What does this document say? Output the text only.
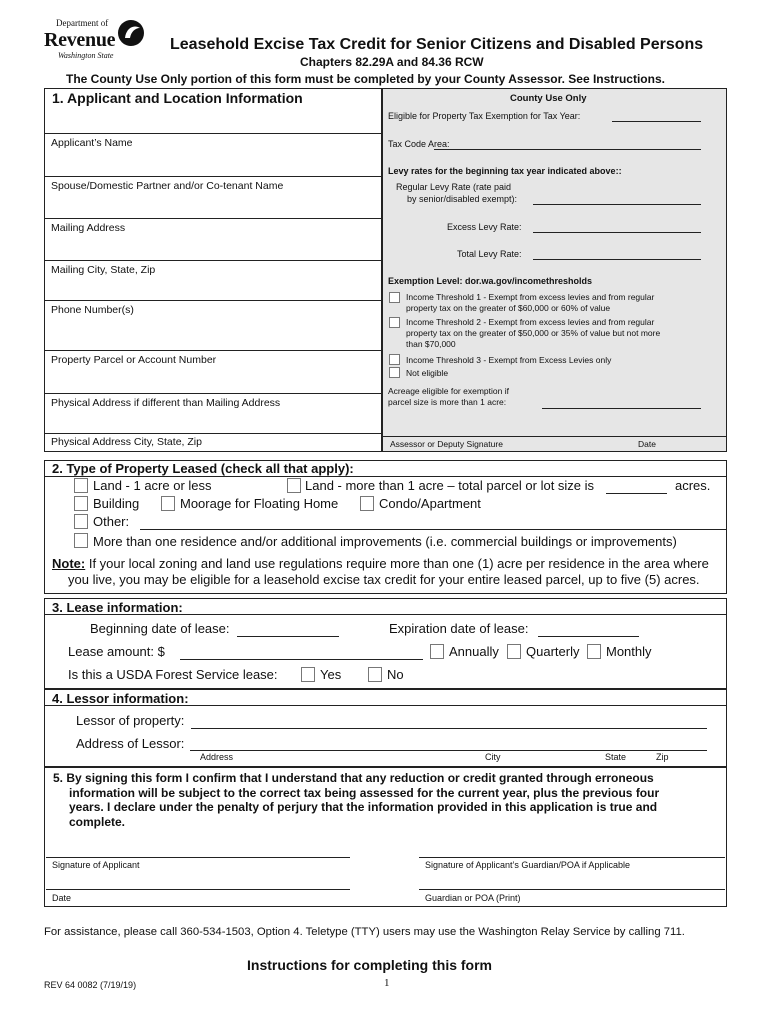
Department of
Revenue
Washington State
Leasehold Excise Tax Credit for Senior Citizens and Disabled Persons
Chapters 82.29A and 84.36 RCW
The County Use Only portion of this form must be completed by your County Assessor. See Instructions.
1. Applicant and Location Information
Applicant’s Name
Spouse/Domestic Partner and/or Co-tenant Name
Mailing Address
Mailing City, State, Zip
Phone Number(s)
Property Parcel or Account Number
Physical Address if different than Mailing Address
Physical Address City, State, Zip
County Use Only
Eligible for Property Tax Exemption for Tax Year:
Tax Code Area:
Levy rates for the beginning tax year indicated above::
Regular Levy Rate (rate paid
by senior/disabled exempt):
Excess Levy Rate:
Total Levy Rate:
Exemption Level: dor.wa.gov/incomethresholds
Income Threshold 1 - Exempt from excess levies and from regular
property tax on the greater of $60,000 or 60% of value
Income Threshold 2 - Exempt from excess levies and from regular
property tax on the greater of $50,000 or 35% of value but not more
than $70,000
Income Threshold 3 - Exempt from Excess Levies only
Not eligible
Acreage eligible for exemption if
parcel size is more than 1 acre:
Assessor or Deputy Signature	Date
2. Type of Property Leased (check all that apply):
Land - 1 acre or less	Land - more than 1 acre – total parcel or lot size is	acres.
Building	Moorage for Floating Home	Condo/Apartment
Other:
More than one residence and/or additional improvements (i.e. commercial buildings or improvements)
Note: If your local zoning and land use regulations require more than one (1) acre per residence in the area where
you live, you may be eligible for a leasehold excise tax credit for your entire leased parcel, up to five (5) acres.
3. Lease information:
Beginning date of lease:	Expiration date of lease:
Lease amount: $	Annually Quarterly Monthly
Is this a USDA Forest Service lease:	Yes	No
4. Lessor information:
Lessor of property:
Address of Lessor:
Address	City	State	Zip
5. By signing this form I confirm that I understand that any reduction or credit granted through erroneous
information will be subject to the correct tax being assessed for the current year, plus the previous four
years. I declare under the penalty of perjury that the information provided in this application is true and
complete.
Signature of Applicant	Signature of Applicant’s Guardian/POA if Applicable
Date	Guardian or POA (Print)
For assistance, please call 360-534-1503, Option 4. Teletype (TTY) users may use the Washington Relay Service by calling 711.
Instructions for completing this form
REV 64 0082 (7/19/19)	1
